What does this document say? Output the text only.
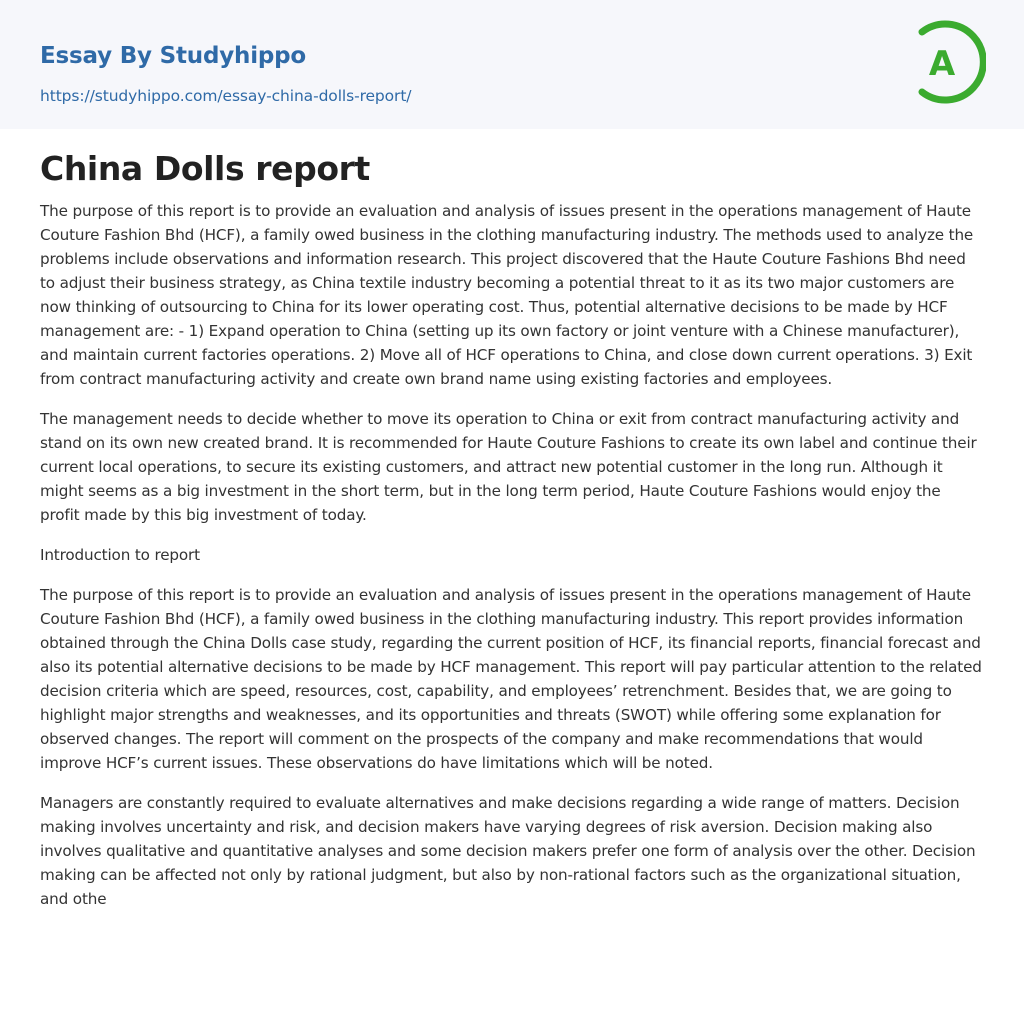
Essay By Studyhippo
https://studyhippo.com/essay-china-dolls-report/
A
China Dolls report

The purpose of this report is to provide an evaluation and analysis of issues present in the operations management of Haute Couture Fashion Bhd (HCF), a family owed business in the clothing manufacturing industry. The methods used to analyze the problems include observations and information research. This project discovered that the Haute Couture Fashions Bhd need to adjust their business strategy, as China textile industry becoming a potential threat to it as its two major customers are now thinking of outsourcing to China for its lower operating cost. Thus, potential alternative decisions to be made by HCF management are: - 1) Expand operation to China (setting up its own factory or joint venture with a Chinese manufacturer), and maintain current factories operations. 2) Move all of HCF operations to China, and close down current operations. 3) Exit from contract manufacturing activity and create own brand name using existing factories and employees.

The management needs to decide whether to move its operation to China or exit from contract manufacturing activity and stand on its own new created brand. It is recommended for Haute Couture Fashions to create its own label and continue their current local operations, to secure its existing customers, and attract new potential customer in the long run. Although it might seems as a big investment in the short term, but in the long term period, Haute Couture Fashions would enjoy the profit made by this big investment of today.

Introduction to report

The purpose of this report is to provide an evaluation and analysis of issues present in the operations management of Haute Couture Fashion Bhd (HCF), a family owed business in the clothing manufacturing industry. This report provides information obtained through the China Dolls case study, regarding the current position of HCF, its financial reports, financial forecast and also its potential alternative decisions to be made by HCF management. This report will pay particular attention to the related decision criteria which are speed, resources, cost, capability, and employees’ retrenchment. Besides that, we are going to highlight major strengths and weaknesses, and its opportunities and threats (SWOT) while offering some explanation for observed changes. The report will comment on the prospects of the company and make recommendations that would improve HCF’s current issues. These observations do have limitations which will be noted.

Managers are constantly required to evaluate alternatives and make decisions regarding a wide range of matters. Decision making involves uncertainty and risk, and decision makers have varying degrees of risk aversion. Decision making also involves qualitative and quantitative analyses and some decision makers prefer one form of analysis over the other. Decision making can be affected not only by rational judgment, but also by non-rational factors such as the organizational situation, and othe
